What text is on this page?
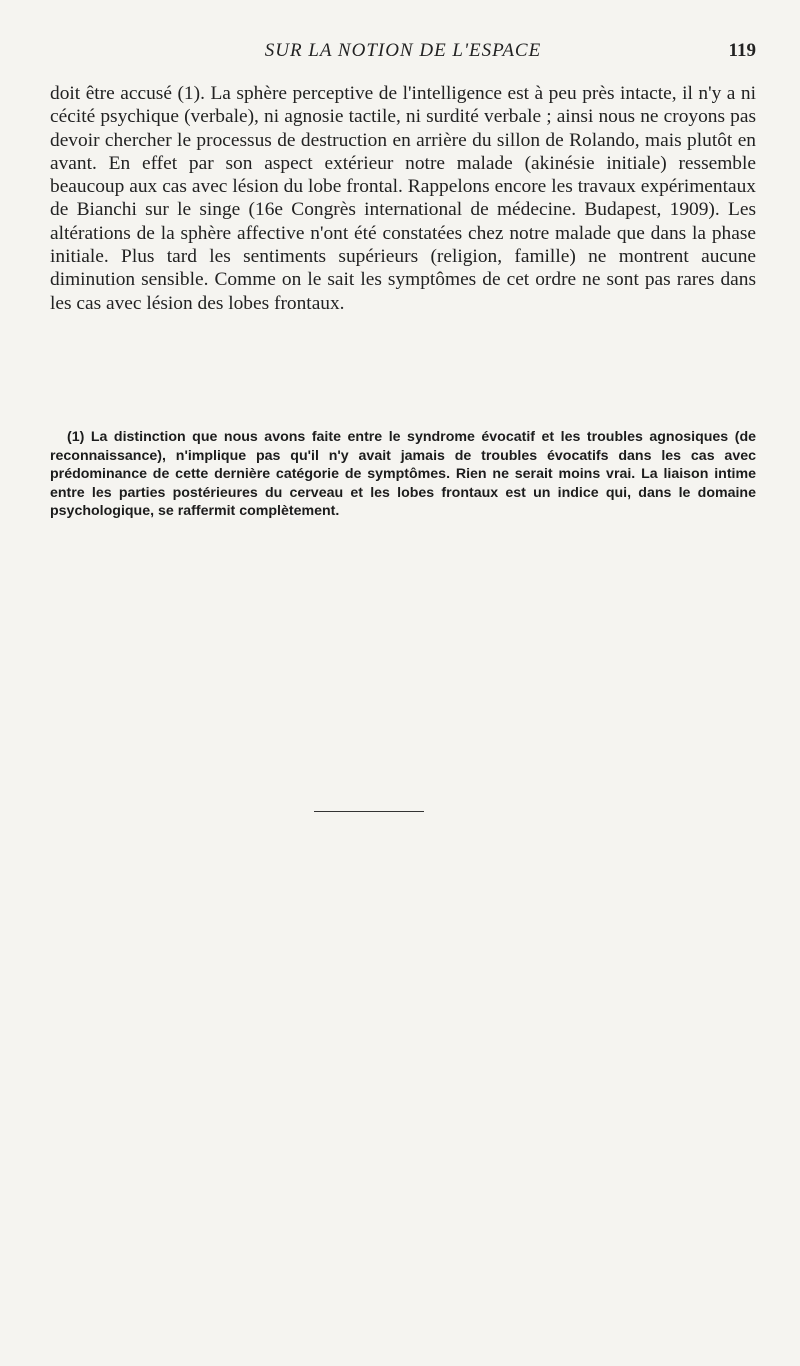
SUR LA NOTION DE L'ESPACE	119

doit être accusé (1). La sphère perceptive de l'intelligence est à peu près intacte, il n'y a ni cécité psychique (verbale), ni agnosie tactile, ni surdité verbale ; ainsi nous ne croyons pas devoir chercher le processus de destruction en arrière du sillon de Rolando, mais plutôt en avant. En effet par son aspect extérieur notre malade (akinésie initiale) ressemble beaucoup aux cas avec lésion du lobe frontal. Rappelons encore les travaux expérimentaux de Bianchi sur le singe (16e Congrès international de médecine. Budapest, 1909). Les altérations de la sphère affective n'ont été constatées chez notre malade que dans la phase initiale. Plus tard les sentiments supérieurs (religion, famille) ne montrent aucune diminution sensible. Comme on le sait les symptômes de cet ordre ne sont pas rares dans les cas avec lésion des lobes frontaux.

(1) La distinction que nous avons faite entre le syndrome évocatif et les troubles agnosiques (de reconnaissance), n'implique pas qu'il n'y avait jamais de troubles évocatifs dans les cas avec prédominance de cette dernière catégorie de symptômes. Rien ne serait moins vrai. La liaison intime entre les parties postérieures du cerveau et les lobes frontaux est un indice qui, dans le domaine psychologique, se raffermit complètement.
